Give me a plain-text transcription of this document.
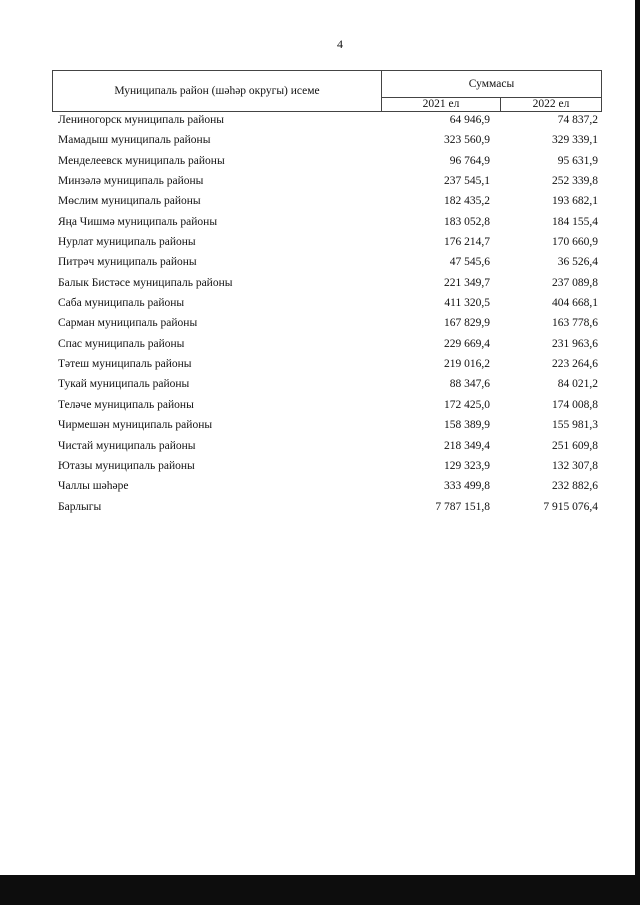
4
Муниципаль район (шәһәр округы) исеме
Суммасы
2021 ел	2022 ел
Лениногорск муниципаль районы	64 946,9	74 837,2
Мамадыш муниципаль районы	323 560,9	329 339,1
Менделеевск муниципаль районы	96 764,9	95 631,9
Минзәлә муниципаль районы	237 545,1	252 339,8
Мөслим муниципаль районы	182 435,2	193 682,1
Яңа Чишмә муниципаль районы	183 052,8	184 155,4
Нурлат муниципаль районы	176 214,7	170 660,9
Питрәч муниципаль районы	47 545,6	36 526,4
Балык Бистәсе муниципаль районы	221 349,7	237 089,8
Саба муниципаль районы	411 320,5	404 668,1
Сарман муниципаль районы	167 829,9	163 778,6
Спас муниципаль районы	229 669,4	231 963,6
Тәтеш муниципаль районы	219 016,2	223 264,6
Тукай муниципаль районы	88 347,6	84 021,2
Теләче муниципаль районы	172 425,0	174 008,8
Чирмешән муниципаль районы	158 389,9	155 981,3
Чистай муниципаль районы	218 349,4	251 609,8
Ютазы муниципаль районы	129 323,9	132 307,8
Чаллы шәһәре	333 499,8	232 882,6
Барлыгы	7 787 151,8	7 915 076,4
